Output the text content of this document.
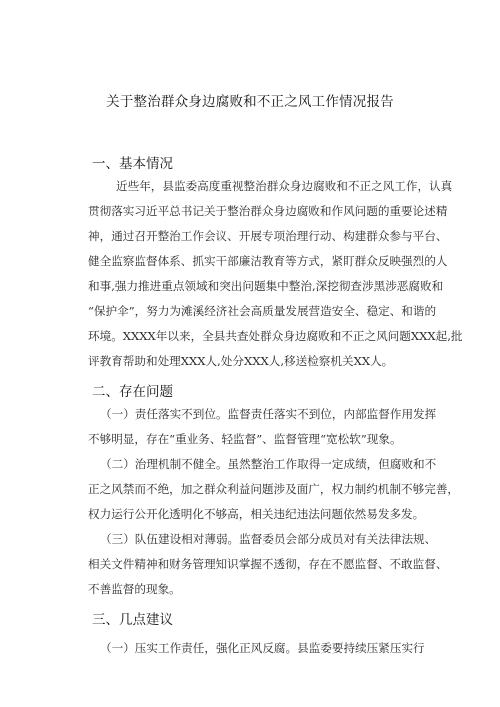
关于整治群众身边腐败和不正之风工作情况报告
一、基本情况
近些年，县监委高度重视整治群众身边腐败和不正之风工作，认真
贯彻落实习近平总书记关于整治群众身边腐败和作风问题的重要论述精
神，通过召开整治工作会议、开展专项治理行动、构建群众参与平台、
健全监察监督体系、抓实干部廉洁教育等方式，紧盯群众反映强烈的人
和事,强力推进重点领域和突出问题集中整治,深挖彻查涉黑涉恶腐败和
“保护伞”，努力为滩溪经济社会高质量发展营造安全、稳定、和谐的
环境。XXXX年以来，全县共查处群众身边腐败和不正之风问题XXX起,批
评教育帮助和处理XXX人,处分XXX人,移送检察机关XX人。
二、存在问题
（一）责任落实不到位。监督责任落实不到位，内部监督作用发挥
不够明显，存在“重业务、轻监督”、监督管理“宽松软”现象。
（二）治理机制不健全。虽然整治工作取得一定成绩，但腐败和不
正之风禁而不绝，加之群众利益问题涉及面广，权力制约机制不够完善，
权力运行公开化透明化不够高，相关违纪违法问题依然易发多发。
（三）队伍建设相对薄弱。监督委员会部分成员对有关法律法规、
相关文件精神和财务管理知识掌握不透彻，存在不愿监督、不敢监督、
不善监督的现象。
三、几点建议
（一）压实工作责任，强化正风反腐。县监委要持续压紧压实行
